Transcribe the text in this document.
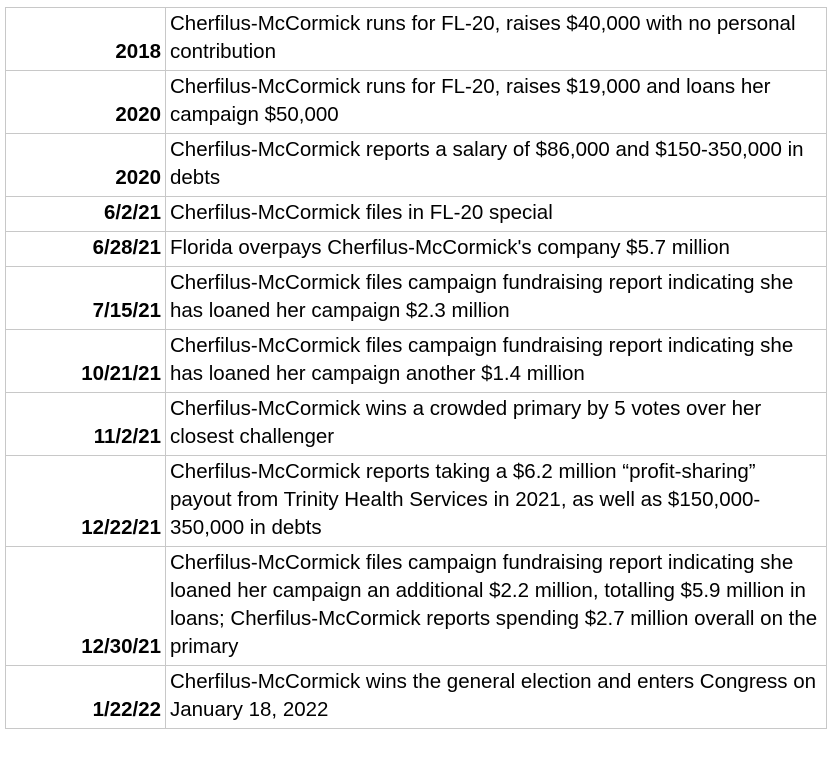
2018	Cherfilus-McCormick runs for FL-20, raises $40,000 with no personal contribution
2020	Cherfilus-McCormick runs for FL-20, raises $19,000 and loans her campaign $50,000
2020	Cherfilus-McCormick reports a salary of $86,000 and $150-350,000 in debts
6/2/21	Cherfilus-McCormick files in FL-20 special
6/28/21	Florida overpays Cherfilus-McCormick's company $5.7 million
7/15/21	Cherfilus-McCormick files campaign fundraising report indicating she has loaned her campaign $2.3 million
10/21/21	Cherfilus-McCormick files campaign fundraising report indicating she has loaned her campaign another $1.4 million
11/2/21	Cherfilus-McCormick wins a crowded primary by 5 votes over her closest challenger
12/22/21	Cherfilus-McCormick reports taking a $6.2 million “profit-sharing” payout from Trinity Health Services in 2021, as well as $150,000-350,000 in debts
12/30/21	Cherfilus-McCormick files campaign fundraising report indicating she loaned her campaign an additional $2.2 million, totalling $5.9 million in loans; Cherfilus-McCormick reports spending $2.7 million overall on the primary
1/22/22	Cherfilus-McCormick wins the general election and enters Congress on January 18, 2022
